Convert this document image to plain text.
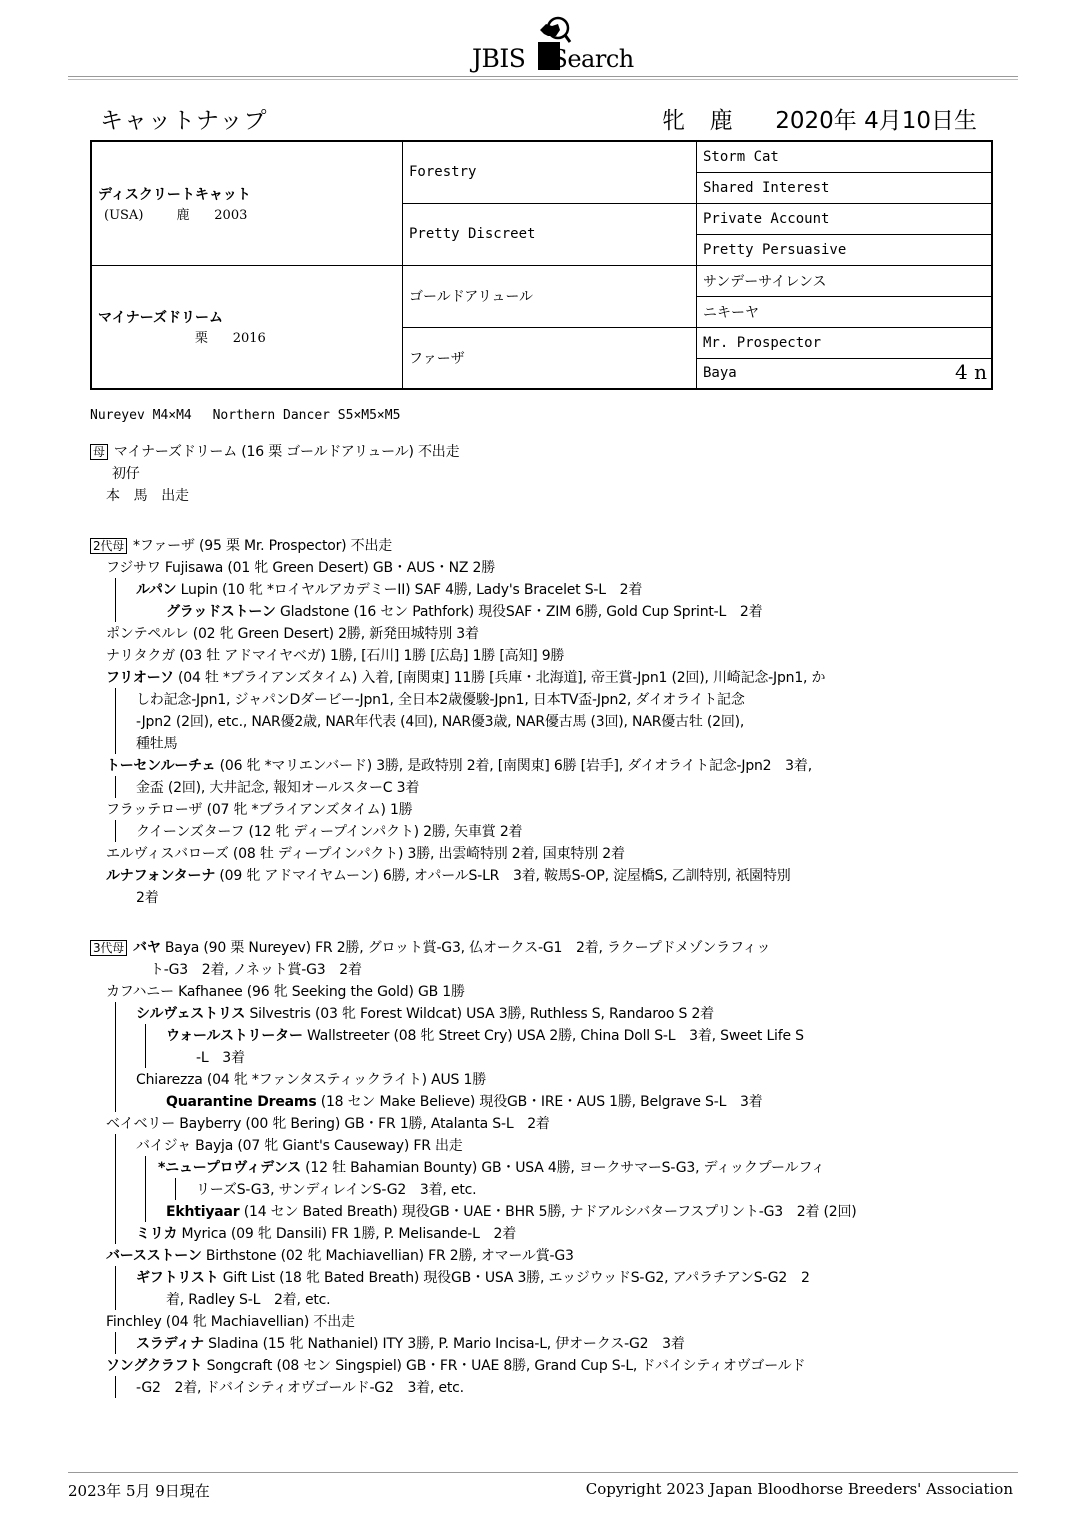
JBIS Search
キャットナップ	牝 鹿 2020年 4月10日生
ディスクリートキャット
(USA) 鹿 2003	Forestry	Storm Cat
		Shared Interest
	Pretty Discreet	Private Account
		Pretty Persuasive

マイナーズドリーム
栗 2016	ゴールドアリュール	サンデーサイレンス
		ニキーヤ
	ファーザ	Mr. Prospector
		Baya 4 n
Nureyev M4×M4　 Northern Dancer S5×M5×M5
母 マイナーズドリーム (16 栗 ゴールドアリュール) 不出走
初仔
本　馬　出走
2代母 *ファーザ (95 栗 Mr. Prospector) 不出走
フジサワ Fujisawa (01 牝 Green Desert) GB・AUS・NZ 2勝
ルパン Lupin (10 牝 *ロイヤルアカデミーII) SAF 4勝, Lady's Bracelet S-L　2着
グラッドストーン Gladstone (16 セン Pathfork) 現役SAF・ZIM 6勝, Gold Cup Sprint-L　2着
ポンテペルレ (02 牝 Green Desert) 2勝, 新発田城特別 3着
ナリタクガ (03 牡 アドマイヤベガ) 1勝, [石川] 1勝 [広島] 1勝 [高知] 9勝
フリオーソ (04 牡 *ブライアンズタイム) 入着, [南関東] 11勝 [兵庫・北海道], 帝王賞-Jpn1 (2回), 川崎記念-Jpn1, か
しわ記念-Jpn1, ジャパンDダービー-Jpn1, 全日本2歳優駿-Jpn1, 日本TV盃-Jpn2, ダイオライト記念
-Jpn2 (2回), etc., NAR優2歳, NAR年代表 (4回), NAR優3歳, NAR優古馬 (3回), NAR優古牡 (2回),
種牡馬
トーセンルーチェ (06 牝 *マリエンバード) 3勝, 是政特別 2着, [南関東] 6勝 [岩手], ダイオライト記念-Jpn2　3着,
金盃 (2回), 大井記念, 報知オールスターC 3着
フラッテローザ (07 牝 *ブライアンズタイム) 1勝
クイーンズターフ (12 牝 ディープインパクト) 2勝, 矢車賞 2着
エルヴィスバローズ (08 牡 ディープインパクト) 3勝, 出雲崎特別 2着, 国東特別 2着
ルナフォンターナ (09 牝 アドマイヤムーン) 6勝, オパールS-LR　3着, 鞍馬S-OP, 淀屋橋S, 乙訓特別, 祇園特別
2着
3代母 バヤ Baya (90 栗 Nureyev) FR 2勝, グロット賞-G3, 仏オークス-G1　2着, ラクープドメゾンラフィッ
ト-G3　2着, ノネット賞-G3　2着
カフハニー Kafhanee (96 牝 Seeking the Gold) GB 1勝
シルヴェストリス Silvestris (03 牝 Forest Wildcat) USA 3勝, Ruthless S, Randaroo S 2着
ウォールストリーター Wallstreeter (08 牝 Street Cry) USA 2勝, China Doll S-L　3着, Sweet Life S
-L　3着
Chiarezza (04 牝 *ファンタスティックライト) AUS 1勝
Quarantine Dreams (18 セン Make Believe) 現役GB・IRE・AUS 1勝, Belgrave S-L　3着
ベイベリー Bayberry (00 牝 Bering) GB・FR 1勝, Atalanta S-L　2着
バイジャ Bayja (07 牝 Giant's Causeway) FR 出走
*ニュープロヴィデンス (12 牡 Bahamian Bounty) GB・USA 4勝, ヨークサマーS-G3, ディックプールフィ
リーズS-G3, サンディレインS-G2　3着, etc.
Ekhtiyaar (14 セン Bated Breath) 現役GB・UAE・BHR 5勝, ナドアルシバターフスプリント-G3　2着 (2回)
ミリカ Myrica (09 牝 Dansili) FR 1勝, P. Melisande-L　2着
バースストーン Birthstone (02 牝 Machiavellian) FR 2勝, オマール賞-G3
ギフトリスト Gift List (18 牝 Bated Breath) 現役GB・USA 3勝, エッジウッドS-G2, アパラチアンS-G2　2
着, Radley S-L　2着, etc.
Finchley (04 牝 Machiavellian) 不出走
スラディナ Sladina (15 牝 Nathaniel) ITY 3勝, P. Mario Incisa-L, 伊オークス-G2　3着
ソングクラフト Songcraft (08 セン Singspiel) GB・FR・UAE 8勝, Grand Cup S-L, ドバイシティオヴゴールド
-G2　2着, ドバイシティオヴゴールド-G2　3着, etc.
2023年 5月 9日現在	Copyright 2023 Japan Bloodhorse Breeders' Association
